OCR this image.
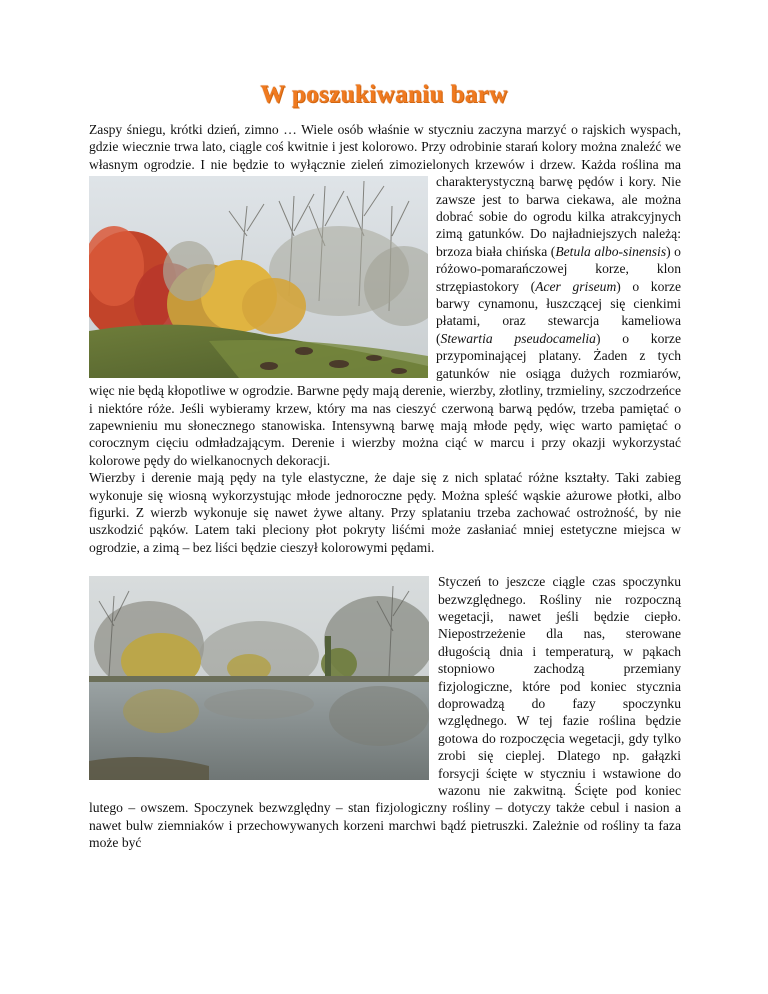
W poszukiwaniu barw

Zaspy śniegu, krótki dzień, zimno … Wiele osób właśnie w styczniu zaczyna marzyć o rajskich wyspach, gdzie wiecznie trwa lato, ciągle coś kwitnie i jest kolorowo. Przy odrobinie starań kolory można znaleźć we własnym ogrodzie. I nie będzie to wyłącznie zieleń
zimozielonych krzewów i drzew. Każda roślina ma charakterystyczną barwę pędów i kory. Nie zawsze jest to barwa ciekawa, ale można dobrać sobie do ogrodu kilka atrakcyjnych zimą gatunków. Do najładniejszych należą: brzoza biała chińska (Betula albo-sinensis) o różowo-pomarańczowej korze, klon strzępiastokory (Acer griseum) o korze barwy cynamonu, łuszczącej się cienkimi płatami, oraz stewarcja kameliowa (Stewartia pseudocamelia) o korze przypominającej platany. Żaden z tych gatunków nie osiąga dużych rozmiarów, więc nie będą kłopotliwe w ogrodzie. Barwne pędy mają derenie, wierzby, złotliny, trzmieliny, szczodrzeńce i niektóre róże. Jeśli wybieramy krzew, który ma nas cieszyć czerwoną barwą pędów, trzeba pamiętać o zapewnieniu mu słonecznego stanowiska. Intensywną barwę mają młode pędy, więc warto pamiętać o corocznym cięciu odmładzającym. Derenie i wierzby można ciąć w marcu i przy okazji wykorzystać kolorowe pędy do wielkanocnych dekoracji.

Wierzby i derenie mają pędy na tyle elastyczne, że daje się z nich splatać różne kształty. Taki zabieg wykonuje się wiosną wykorzystując młode jednoroczne pędy. Można spleść wąskie ażurowe płotki, albo figurki. Z wierzb wykonuje się nawet żywe altany. Przy splataniu trzeba zachować ostrożność, by nie uszkodzić pąków. Latem taki pleciony płot pokryty liśćmi może zasłaniać mniej estetyczne miejsca w ogrodzie, a zimą – bez liści będzie cieszył kolorowymi pędami.

Styczeń to jeszcze ciągle czas spoczynku bezwzględnego. Rośliny nie rozpoczną wegetacji, nawet jeśli będzie ciepło. Niepostrzeżenie dla nas, sterowane długością dnia i temperaturą, w pąkach stopniowo zachodzą przemiany fizjologiczne, które pod koniec stycznia doprowadzą do fazy spoczynku względnego. W tej fazie roślina będzie gotowa do rozpoczęcia wegetacji, gdy tylko zrobi się cieplej. Dlatego np. gałązki forsycji ścięte w styczniu i wstawione do wazonu nie zakwitną. Ścięte pod koniec lutego – owszem. Spoczynek bezwzględny – stan fizjologiczny rośliny – dotyczy także cebul i nasion a nawet bulw ziemniaków i przechowywanych korzeni marchwi bądź pietruszki. Zależnie od rośliny ta faza może być
